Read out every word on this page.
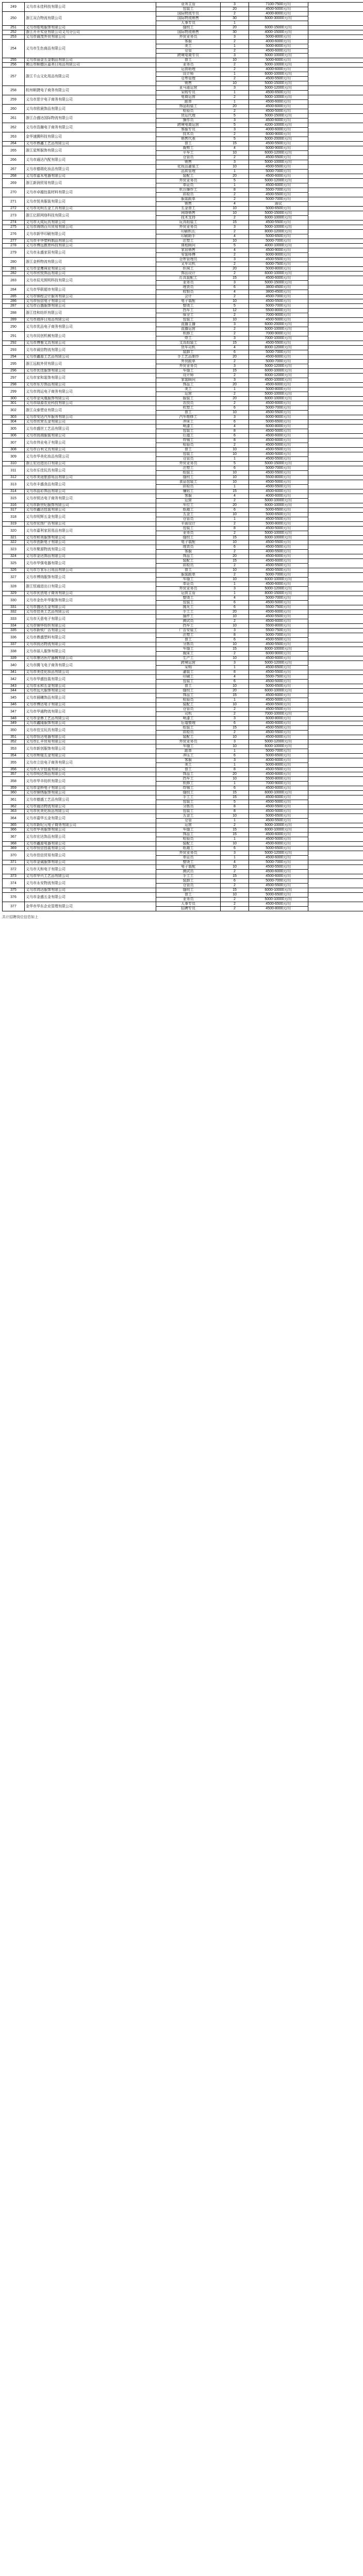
249	义乌市永佳科技有限公司	业务主管	3	7100-7500元/月	
		包装工	20	4500-5000元/月	
250	浙江双合物流有限公司	国际物流专员	2	4000-8000元/月	
		国际物流销售	30	5000-30000元/月	
		人事专员	1		
251	义乌市皓苑服饰有限公司	缝纫工	20	6000-15000元/月	
252	浙江开开实业有限公司义乌分公司	国际物流销售	30	4000-15000元/月	
253	义乌市诚茂外贸有限公司	外贸业务员	3	5000-8000元/月	
254	义乌市生色商品有限公司	客服	2	4000-6000元/月	
		美工	1	5000-8000元/月	
		仓管	2	4500-6000元/月	
		跨境电商专员	3	5000-10000元/月	
255	义乌市丽金五金制品有限公司	普工	10	5000-6000元/月	
256	佛山市顺德区嘉美日用品有限公司	业务员	2	5000-10000元/月	
257	浙江千山文化用品有限公司	运营助理	2	4000-6000元/月	
		设计师	1	6000-10000元/月	
		仓库管理	2	4500-5500元/月	
		销售	10	5000-15000元/月	
258	杭州顺捷电子商务有限公司	亚马逊运营	3	5000-12000元/月	
		采购专员	1	4500-6500元/月	
259	义乌市思宇电子商务有限公司	电商运营	2	5000-10000元/月	
		跟单	1	4500-6000元/月	
260	义乌市欧晨饰品有限公司	饰品组装工	20	4500-6000元/月	
		检验员	2	4500-5000元/月	
261	浙江合盛达国际物流有限公司	货运代理	5	5000-15000元/月	
		操作员	3	4500-6000元/月	
262	义乌市浩瀚电子商务有限公司	跨境电商运营	5	4200-10000元/月	
		客服专员	3	4000-6000元/月	
263	金华速腾科技有限公司	技术员	2	6000-9000元/月	
		销售代表	5	5000-20000元/月	
264	义乌市鼎鑫工艺品有限公司	普工	15	4500-5500元/月	
265	浙江星辉服饰有限公司	裁剪工	4	6000-9000元/月	
		平车工	10	6000-12000元/月	
266	义乌市通达汽配有限公司	仓管员	2	4500-5500元/月	
		销售	3	5000-10000元/月	
267	义乌市德瑞化妆品有限公司	化妆品灌装工	10	4500-5500元/月	
		品质管理	1	5000-7000元/月	
268	义乌市嘉禾电器有限公司	装配工	20	4500-6000元/月	
269	浙江新润贸易有限公司	外贸业务员	5	5000-12000元/月	
		单证员	1	4500-6000元/月	
270	义乌市卓越包装材料有限公司	机台操作工	8	5500-7000元/月	
		质检员	2	4500-5500元/月	
271	义乌市悦美服装有限公司	服装跟单	2	5000-7000元/月	
		销售	4	面议	
272	义乌市光明五金工具有限公司	五金普工	10	5000-6500元/月	
273	浙江亿联网络科技有限公司	网络销售	10	5000-15000元/月	
		技术支持	2	6000-10000元/月	
274	义乌市天成玩具有限公司	玩具组装工	15	4500-5500元/月	
275	义乌市海纳百川贸易有限公司	外贸业务员	3	5000-10000元/月	
276	义乌市新华印刷有限公司	印刷机长	2	8000-12000元/月	
		印刷助手	4	5000-6500元/月	
277	义乌市丰华塑料制品有限公司	注塑工	10	5000-7000元/月	
278	义乌市博远教育科技有限公司	课程顾问	5	4000-10000元/月	
279	义乌市永盛家居有限公司	家居销售	4	4500-9000元/月	
		安装师傅	2	6000-9000元/月	
280	浙江金桥物流有限公司	仓库管理员	3	4500-5500元/月	
		叉车司机	2	6000-7500元/月	
281	义乌市金鹰袜业有限公司	织袜工	20	5000-8000元/月	
282	义乌市欣悦饰品有限公司	饰品设计	2	6000-10000元/月	
283	义乌市辰光照明科技有限公司	灯具装配工	15	4500-6000元/月	
		业务员	3	5000-15000元/月	
284	义乌市华联超市有限公司	理货员	6	3800-4500元/月	
		收银员	4	3800-4500元/月	
285	义乌市锦程会计服务有限公司	会计	2	4500-7000元/月	
286	义乌市恒信电子有限公司	电子装配	10	4500-5500元/月	
287	义乌市百盛服饰有限公司	整烫工	5	5000-7000元/月	
288	浙江佳和纺织有限公司	挡车工	12	5500-8000元/月	
		保全工	2	7000-9000元/月	
289	义乌市瑞祥日用品有限公司	包装工	10	4500-5000元/月	
290	义乌市优品电子商务有限公司	直播主播	3	6000-20000元/月	
		直播运营	2	5000-10000元/月	
291	义乌市同创机械有限公司	机修工	2	7000-9000元/月	
		焊工	3	7000-10000元/月	
292	义乌市博雅文具有限公司	文具组装工	15	4500-5500元/月	
293	义乌市诚信物流有限公司	货车司机	4	8000-12000元/月	
		装卸工	6	5000-7000元/月	
294	义乌市鑫源工艺品有限公司	手工艺品制作	20	4500-6000元/月	
295	浙江远航外贸有限公司	外贸跟单	2	5000-7000元/月	
		外贸业务员	3	5000-12000元/月	
296	义乌市优佳服饰有限公司	车缝工	15	6000-10000元/月	
297	义乌市家和装饰有限公司	设计师	2	6000-12000元/月	
		家装顾问	3	4500-10000元/月	
298	义乌市东方饰品有限公司	饰品工	20	4500-6000元/月	
299	义乌市鸿运电子商务有限公司	美工	1	5000-8000元/月	
		运营	2	5000-10000元/月	
300	义乌市金凤凰服饰有限公司	服装工	20	6000-10000元/月	
301	义乌市绿源农业科技有限公司	农技员	2	4500-6000元/月	
302	浙江众泰塑业有限公司	吹塑工	6	5000-7000元/月	
		普工	10	4500-5500元/月	
303	义乌市安达汽车服务有限公司	汽车维修工	3	6000-9000元/月	
304	义乌市欣荣五金有限公司	冲床工	6	5000-6500元/月	
305	义乌市盛世工艺品有限公司	喷漆工	4	6000-8000元/月	
		包装工	8	4500-5000元/月	
306	义乌市凯瑞服装有限公司	后道工	6	4500-6000元/月	
307	义乌市伟业电子有限公司	焊锡工	8	4500-6000元/月	
		检验员	2	4500-5000元/月	
308	义乌市百利文具有限公司	普工	10	4500-5500元/月	
309	义乌市华美化妆品有限公司	包装工	10	4500-5000元/月	
		仓管员	1	4500-5500元/月	
310	浙江宏达进出口有限公司	外贸业务员	5	5000-15000元/月	
311	义乌市乐佳玩具有限公司	注塑工	6	5000-7000元/月	
		组装工	10	4500-5500元/月	
312	义乌市美途旅游用品有限公司	缝纫工	10	5500-8000元/月	
313	义乌市丰盛食品有限公司	食品包装工	10	4500-5000元/月	
		质检员	1	4500-5500元/月	
314	义乌市晶彩饰品有限公司	镶钻工	15	4500-6000元/月	
315	义乌市锐达电子商务有限公司	客服	4	4000-6000元/月	
		运营	2	5000-10000元/月	
316	义乌市新世纪服饰有限公司	车位工	20	6000-10000元/月	
317	义乌市鑫达包装有限公司	纸箱工	6	5000-6500元/月	
318	义乌市明辉五金有限公司	五金工	10	5000-6500元/月	
		仓管员	1	4500-5500元/月	
319	义乌市宏图广告有限公司	平面设计	2	5000-8000元/月	
320	义乌市嘉利家居用品有限公司	包装工	8	4500-5000元/月	
		业务员	2	5000-10000元/月	
321	义乌市和美服饰有限公司	缝纫工	15	6000-10000元/月	
322	义乌市创新电子有限公司	电子装配	10	4500-5500元/月	
323	义乌市聚源物流有限公司	理货员	6	4500-5500元/月	
		客服	2	4000-5500元/月	
324	义乌市金达饰品有限公司	饰品工	20	4500-6000元/月	
325	义乌市华强电器有限公司	装配工	15	4500-6000元/月	
		质检员	2	4500-5500元/月	
326	义乌市万家乐日用品有限公司	普工	10	4500-5500元/月	
327	义乌市博纳服饰有限公司	服装跟单	2	5000-7000元/月	
		车缝工	10	6000-10000元/月	
328	浙江恒通进出口有限公司	单证员	1	4500-6000元/月	
		外贸业务员	3	5000-12000元/月	
329	义乌市优创电子商务有限公司	运营主管	1	8000-15000元/月	
330	义乌市金色年华服饰有限公司	整烫工	4	5000-7000元/月	
		包装工	6	4500-5000元/月	
331	义乌市盛达五金有限公司	抛光工	6	5500-7500元/月	
332	义乌市佳美工艺品有限公司	手工工	20	4500-6000元/月	
333	义乌市天意电子有限公司	插件工	10	4500-5500元/月	
		测试员	2	4500-6000元/月	
334	义乌市锦华纺织有限公司	挡车工	10	5500-8000元/月	
335	义乌市新锐广告有限公司	广告安装工	3	5500-7500元/月	
336	义乌市鼎盛塑料有限公司	注塑工	8	5000-7000元/月	
		普工	6	4500-5500元/月	
337	义乌市凯达物流有限公司	分拣员	10	4500-5500元/月	
338	义乌市丽人服饰有限公司	车缝工	15	6000-10000元/月	
		裁床工	2	6000-9000元/月	
339	义乌市康达医疗器械有限公司	生产工	10	4500-6000元/月	
340	义乌市腾飞电子商务有限公司	跨境运营	3	5000-12000元/月	
		采购	1	4500-6500元/月	
341	义乌市美佳化妆品有限公司	灌装工	8	4500-5500元/月	
342	义乌市华盛包装有限公司	印刷工	4	5500-7500元/月	
		包装工	6	4500-5000元/月	
343	义乌市永和五金有限公司	普工	10	5000-6500元/月	
344	义乌市远大服饰有限公司	缝纫工	20	6000-10000元/月	
345	义乌市晨曦饰品有限公司	饰品工	15	4500-6000元/月	
		检验员	1	4500-5000元/月	
346	义乌市博达电子有限公司	装配工	10	4500-5500元/月	
347	义乌市华通物流有限公司	仓管员	2	4500-5500元/月	
		司机	2	7000-10000元/月	
348	义乌市金鼎工艺品有限公司	喷漆工	3	6000-8000元/月	
349	义乌市鑫隆服饰有限公司	后道整理	6	4500-6000元/月	
350	义乌市佳宝玩具有限公司	组装工	15	4500-5500元/月	
		质检员	2	4500-5500元/月	
351	义乌市恒达电器有限公司	装配工	10	4500-6000元/月	
352	义乌市汇丰贸易有限公司	外贸业务员	3	5000-12000元/月	
353	义乌市新创服饰有限公司	车缝工	10	6000-10000元/月	
		跟单	1	5000-7000元/月	
354	义乌市辉煌五金有限公司	冲压工	6	5000-6500元/月	
355	义乌市立信电子商务有限公司	客服	3	4000-6000元/月	
		美工	1	5000-8000元/月	
356	义乌市天宇包装有限公司	普工	8	4500-5500元/月	
357	义乌市明达饰品有限公司	饰品工	20	4500-6000元/月	
358	义乌市华丰纺织有限公司	挡车工	10	5500-8000元/月	
		机修工	1	7000-9000元/月	
359	义乌市金桥电子有限公司	焊锡工	6	4500-6000元/月	
360	义乌市锦绣服饰有限公司	缝纫工	15	6000-10000元/月	
361	义乌市德盛工艺品有限公司	手工工	15	4500-6000元/月	
		包装工	5	4500-5000元/月	
362	义乌市通达物流有限公司	分拣员	8	4500-5500元/月	
363	义乌市优美化妆品有限公司	包装工	8	4500-5000元/月	
364	义乌市嘉华五金有限公司	五金工	10	5000-6500元/月	
		仓管	1	4500-5500元/月	
365	义乌市新纪元电子商务有限公司	运营	2	5000-10000元/月	
366	义乌市华美服饰有限公司	车缝工	15	6000-10000元/月	
367	义乌市宏达饰品有限公司	饰品工	15	4500-6000元/月	
		检验员	1	4500-5000元/月	
368	义乌市鑫源电器有限公司	装配工	10	4500-6000元/月	
369	义乌市恒信包装有限公司	纸箱工	6	5000-6500元/月	
370	义乌市佳信贸易有限公司	外贸业务员	3	5000-12000元/月	
		单证员	1	4500-6000元/月	
371	义乌市金诚服饰有限公司	整烫工	4	5000-7000元/月	
372	义乌市天和电子有限公司	电子装配	10	4500-5500元/月	
		测试员	2	4500-6000元/月	
373	义乌市华兴工艺品有限公司	手工工	15	4500-6000元/月	
374	义乌市永安物流有限公司	装卸工	6	5000-7000元/月	
		仓管员	2	4500-5500元/月	
375	义乌市鸿达服饰有限公司	缝纫工	15	6000-10000元/月	
376	义乌市金盛五金有限公司	普工	10	5000-6500元/月	
		业务员	2	5000-10000元/月	
377	金华市华东企业管理有限公司	人事专员	2	4500-6500元/月	
		招聘专员	2	4500-8000元/月	
共计招聘岗位信息如上
